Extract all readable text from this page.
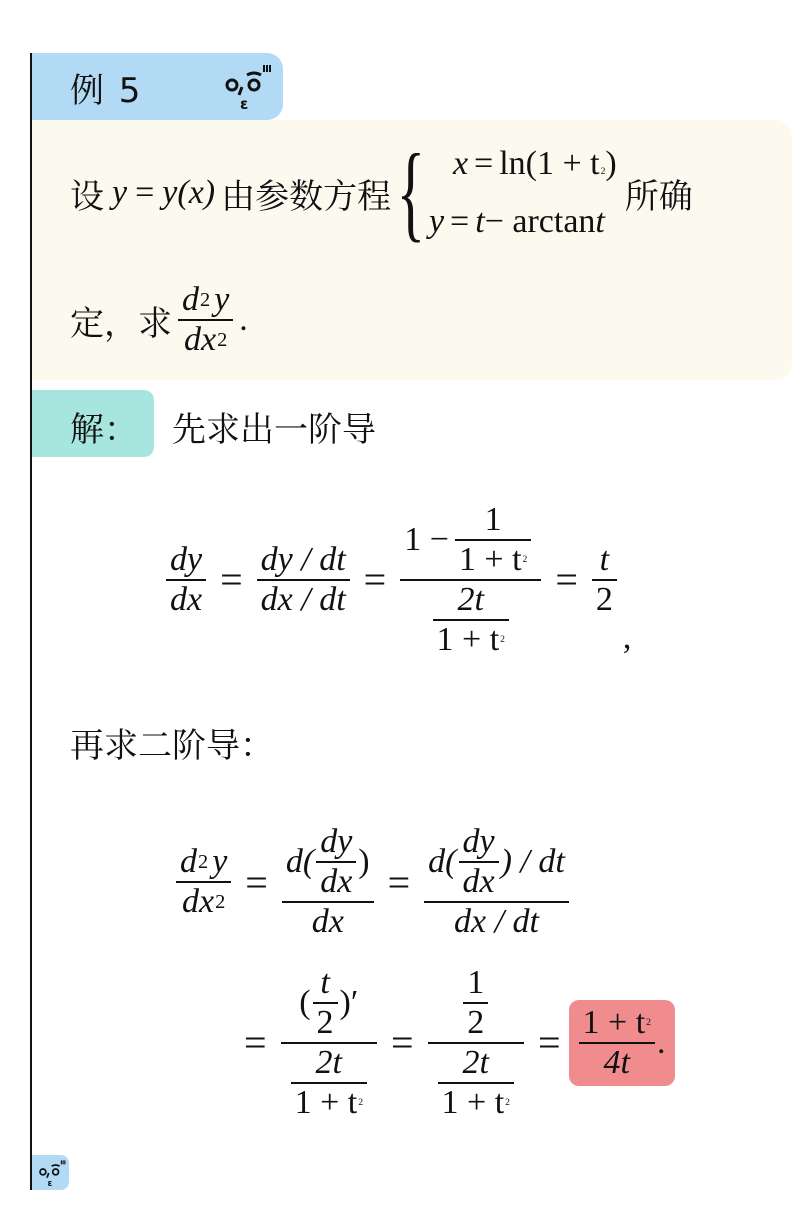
例 5	ε
设 y = y(x) 由参数方程 { $x = \ln(1 + t_2$ )
y = t − arctan t
所确
定，求 $\frac{d 2 y}{dx 2}$ .
解： 先求出一阶导
$\frac{dy}{dx} = \frac{dy / dt}{dx / dt} = \frac{1 - \frac{1}{1 + t 2}}{\frac{2t}{1 + t 2}} = \frac{t}{2}$
,
再求二阶导：
$\frac{d 2 y}{dx 2} = \frac{d( \frac{dy}{dx} )}{dx} = \frac{d( \frac{dy}{dx} ) / dt}{dx / dt}$
= $\frac{( \frac{t}{2} )'}{\frac{2t}{1 + t 2}} = \frac{\frac{1}{2}}{\frac{2t}{1 + t 2}} = \frac{1 + t 2}{4t}$ .
ε
